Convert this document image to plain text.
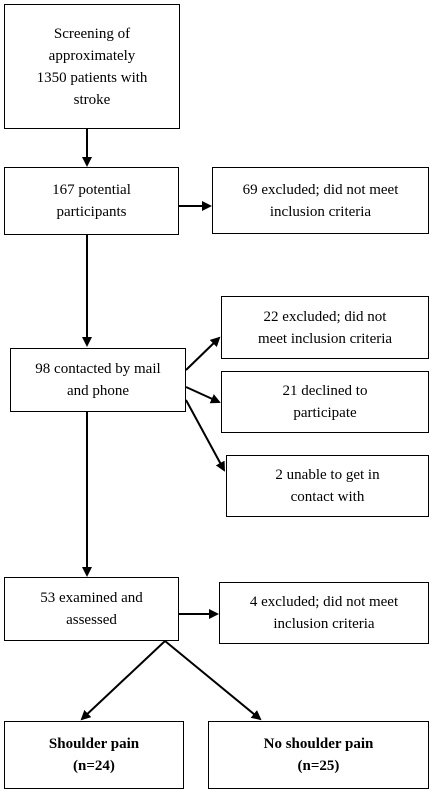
Screening of
approximately
1350 patients with
stroke
167 potential
participants
69 excluded; did not meet
inclusion criteria
98 contacted by mail
and phone
22 excluded; did not
meet inclusion criteria
21 declined to
participate
2 unable to get in
contact with
53 examined and
assessed
4 excluded; did not meet
inclusion criteria
Shoulder pain
(n=24)
No shoulder pain
(n=25)
